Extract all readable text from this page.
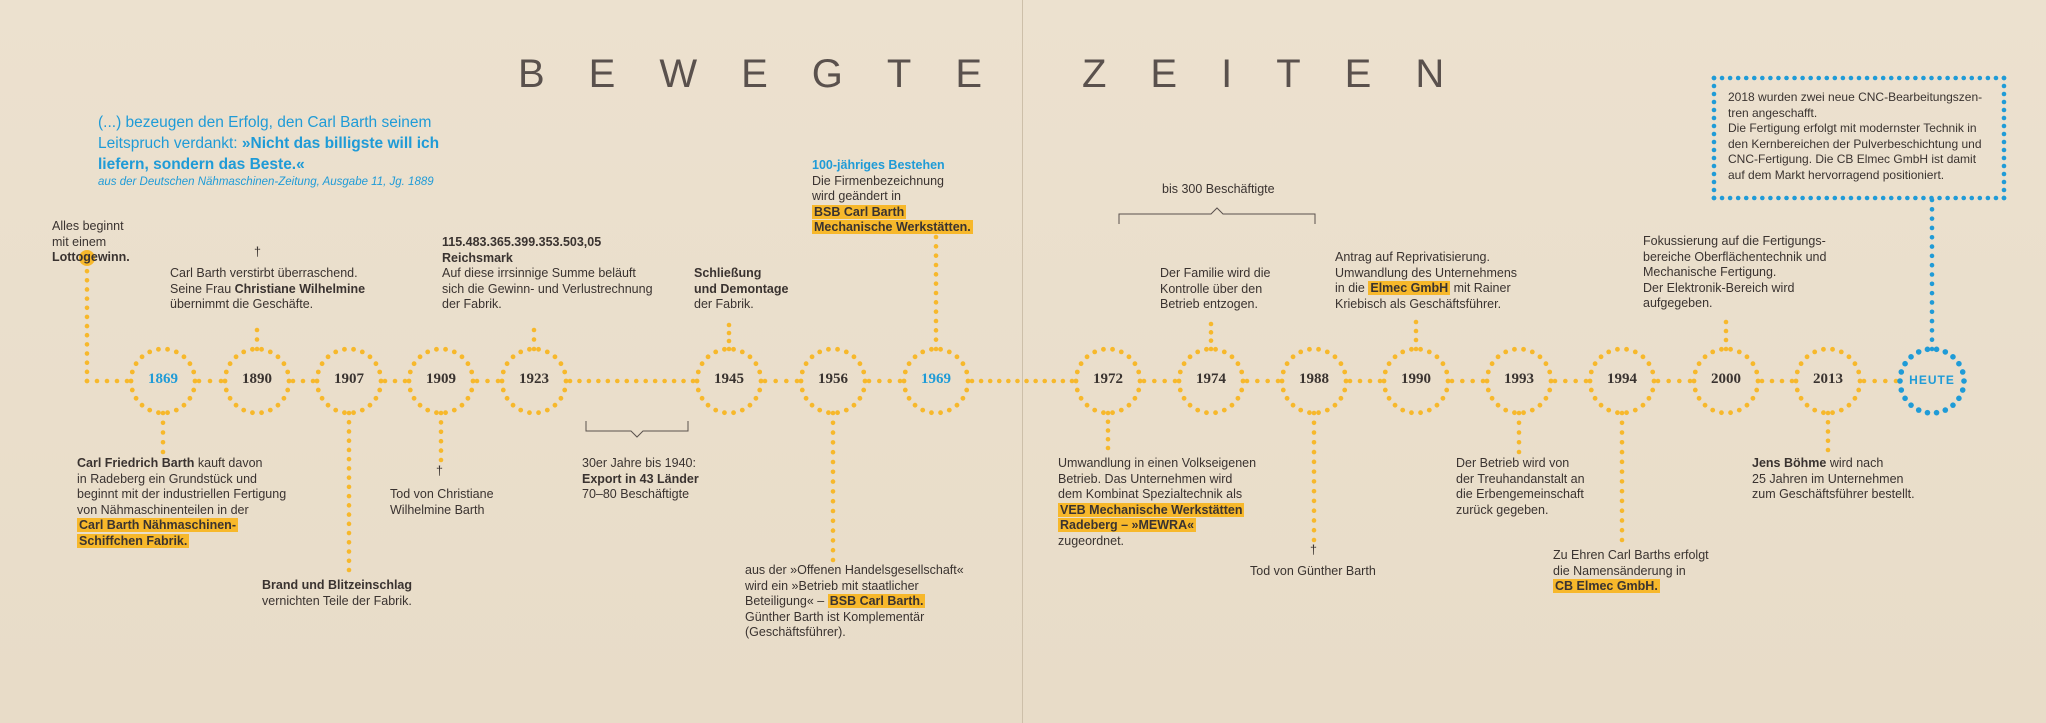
BEWEGTE ZEITEN
(...) bezeugen den Erfolg, den Carl Barth seinem Leitspruch verdankt: »Nicht das billigste will ich liefern, sondern das Beste.«
aus der Deutschen Nähmaschinen-Zeitung, Ausgabe 11, Jg. 1889
1869	1890	1907	1909	1923	1945	1956	1969	1972	1974	1988	1990	1993	1994	2000	2013	HEUTE
Alles beginnt
mit einem
Lottogewinn.	†
Carl Barth verstirbt überraschend.
Seine Frau Christiane Wilhelmine
übernimmt die Geschäfte.
115.483.365.399.353.503,05
Reichsmark
Auf diese irrsinnige Summe beläuft
sich die Gewinn- und Verlustrechnung
der Fabrik.
Schließung
und Demontage
der Fabrik.
100-jähriges Bestehen
Die Firmenbezeichnung
wird geändert in
BSB Carl Barth
Mechanische Werkstätten.
bis 300 Beschäftigte
Der Familie wird die
Kontrolle über den
Betrieb entzogen.
Antrag auf Reprivatisierung.
Umwandlung des Unternehmens
in die Elmec GmbH mit Rainer
Kriebisch als Geschäftsführer.
Fokussierung auf die Fertigungs-
bereiche Oberflächentechnik und
Mechanische Fertigung.
Der Elektronik-Bereich wird
aufgegeben.
Carl Friedrich Barth kauft davon
in Radeberg ein Grundstück und
beginnt mit der industriellen Fertigung
von Nähmaschinenteilen in der
Carl Barth Nähmaschinen-
Schiffchen Fabrik.
Brand und Blitzeinschlag
vernichten Teile der Fabrik.
†
Tod von Christiane
Wilhelmine Barth
30er Jahre bis 1940:
Export in 43 Länder
70–80 Beschäftigte
aus der »Offenen Handelsgesellschaft«
wird ein »Betrieb mit staatlicher
Beteiligung« – BSB Carl Barth.
Günther Barth ist Komplementär
(Geschäftsführer).
Umwandlung in einen Volkseigenen
Betrieb. Das Unternehmen wird
dem Kombinat Spezialtechnik als
VEB Mechanische Werkstätten
Radeberg – »MEWRA«
zugeordnet.
†
Tod von Günther Barth
Der Betrieb wird von
der Treuhandanstalt an
die Erbengemeinschaft
zurück gegeben.
Zu Ehren Carl Barths erfolgt
die Namensänderung in
CB Elmec GmbH.
Jens Böhme wird nach
25 Jahren im Unternehmen
zum Geschäftsführer bestellt.
2018 wurden zwei neue CNC-Bearbeitungszen-
tren angeschafft.
Die Fertigung erfolgt mit modernster Technik in
den Kernbereichen der Pulverbeschichtung und
CNC-Fertigung. Die CB Elmec GmbH ist damit
auf dem Markt hervorragend positioniert.
